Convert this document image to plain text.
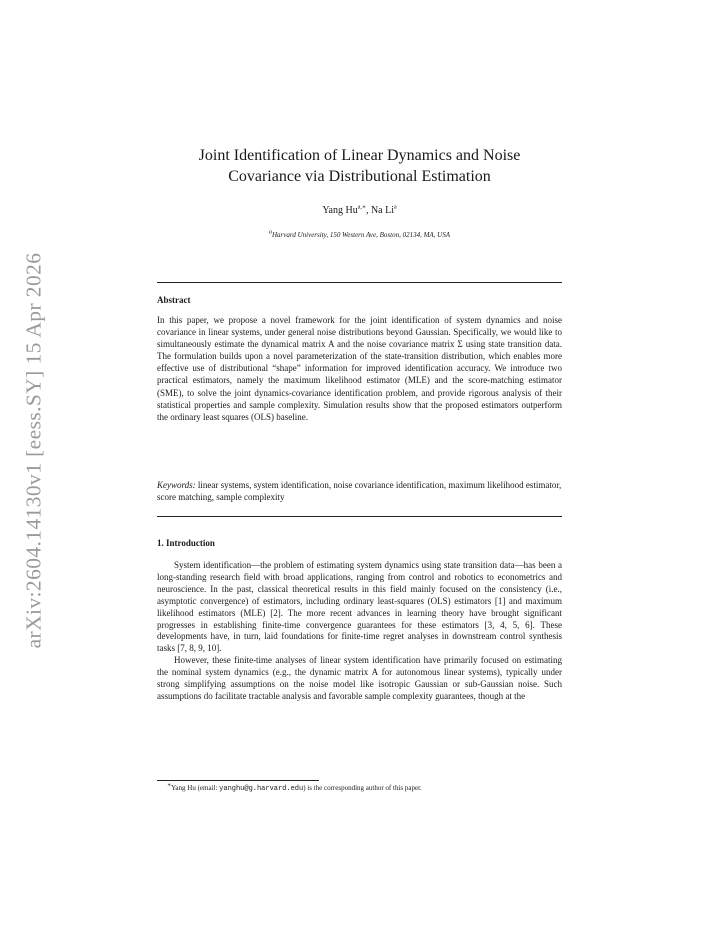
arXiv:2604.14130v1 [eess.SY] 15 Apr 2026
Joint Identification of Linear Dynamics and Noise
Covariance via Distributional Estimation
Yang $Hu^{a,∗}$, Na Li$^a$
$^a$Harvard University, 150 Western Ave, Boston, 02134, MA, USA
Abstract
In this paper, we propose a novel framework for the joint identification of system dynamics and noise covariance in linear systems, under general noise distributions beyond Gaussian. Specifically, we would like to simultaneously estimate the dynamical matrix A and the noise covariance matrix Σ using state transition data. The formulation builds upon a novel parameterization of the state-transition distribution, which enables more effective use of distributional “shape” information for improved identification accuracy. We introduce two practical estimators, namely the maximum likelihood estimator (MLE) and the score-matching estimator (SME), to solve the joint dynamics-covariance identification problem, and provide rigorous analysis of their statistical properties and sample complexity. Simulation results show that the proposed estimators outperform the ordinary least squares (OLS) baseline.
Keywords: linear systems, system identification, noise covariance identification, maximum likelihood estimator, score matching, sample complexity
1. Introduction

System identification—the problem of estimating system dynamics using state transition data—has been a long-standing research field with broad applications, ranging from control and robotics to econometrics and neuroscience. In the past, classical theoretical results in this field mainly focused on the consistency (i.e., asymptotic convergence) of estimators, including ordinary least-squares (OLS) estimators [1] and maximum likelihood estimators (MLE) [2]. The more recent advances in learning theory have brought significant progresses in establishing finite-time convergence guarantees for these estimators [3, 4, 5, 6]. These developments have, in turn, laid foundations for finite-time regret analyses in downstream control synthesis tasks [7, 8, 9, 10].

However, these finite-time analyses of linear system identification have primarily focused on estimating the nominal system dynamics (e.g., the dynamic matrix A for autonomous linear systems), typically under strong simplifying assumptions on the noise model like isotropic Gaussian or sub-Gaussian noise. Such assumptions do facilitate tractable analysis and favorable sample complexity guarantees, though at the

∗Yang Hu (email: yanghu@g.harvard.edu) is the corresponding author of this paper.
